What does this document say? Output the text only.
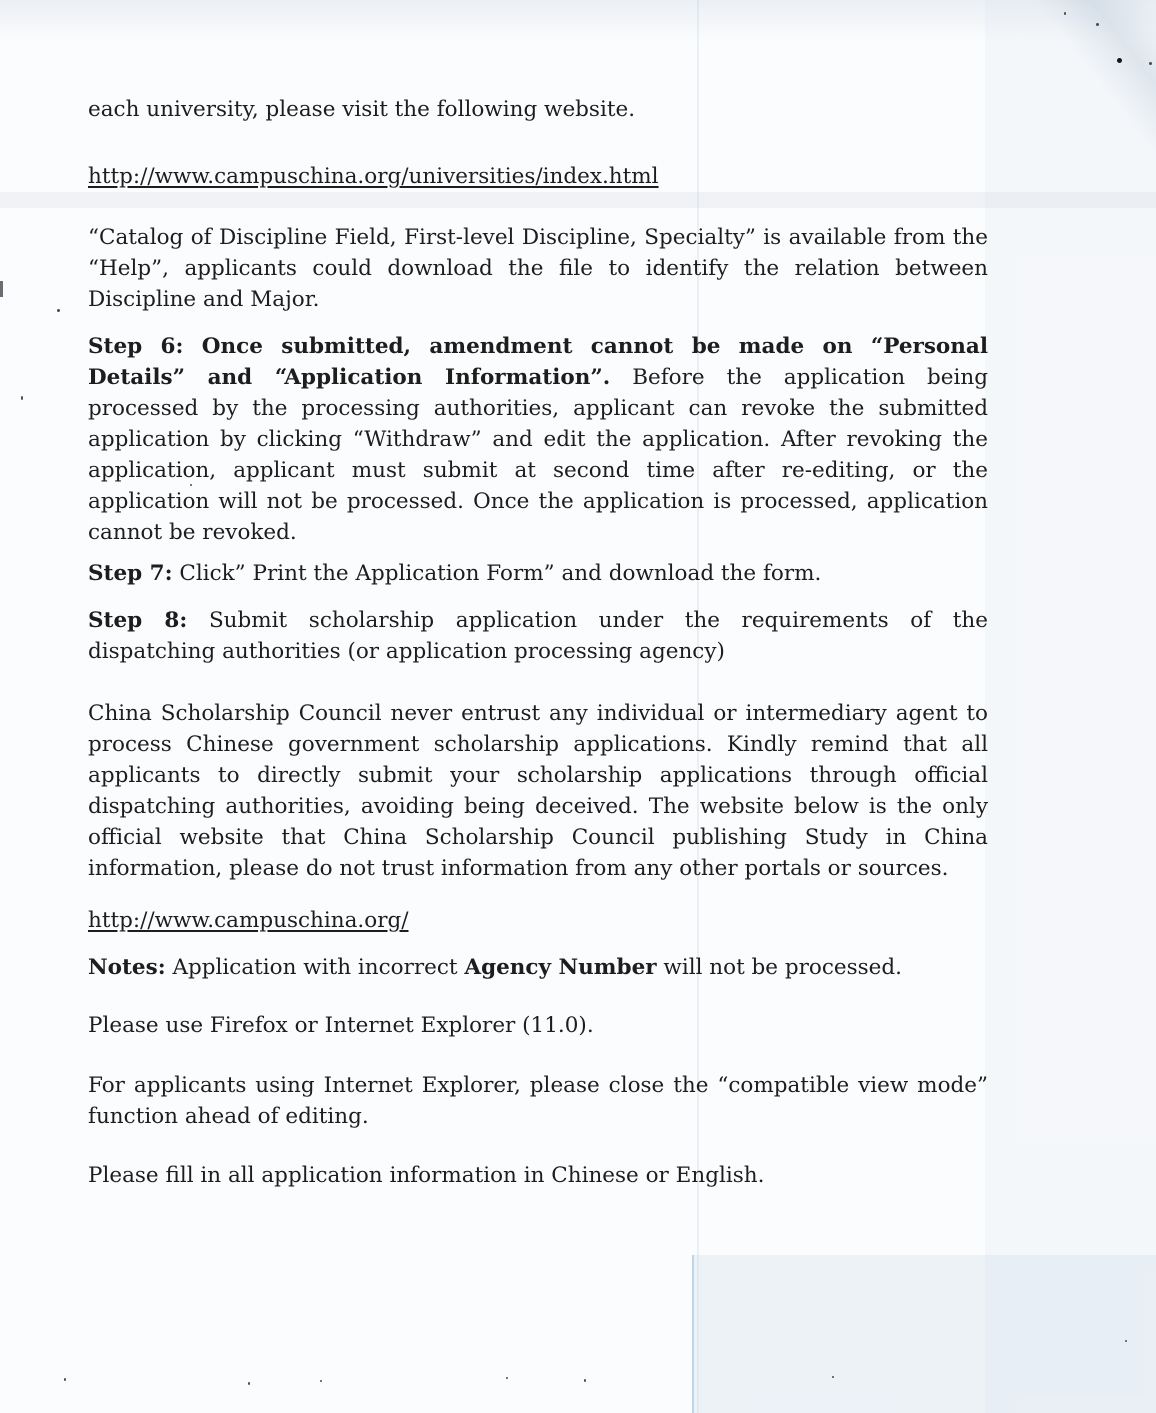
each university, please visit the following website.

http://www.campuschina.org/universities/index.html

“Catalog of Discipline Field, First-level Discipline, Specialty” is available from the “Help”, applicants could download the file to identify the relation between Discipline and Major.

Step 6: Once submitted, amendment cannot be made on “Personal Details” and “Application Information”. Before the application being processed by the processing authorities, applicant can revoke the submitted application by clicking “Withdraw” and edit the application. After revoking the application, applicant must submit at second time after re-editing, or the application will not be processed. Once the application is processed, application cannot be revoked.

Step 7: Click” Print the Application Form” and download the form.

Step 8: Submit scholarship application under the requirements of the dispatching authorities (or application processing agency)

China Scholarship Council never entrust any individual or intermediary agent to process Chinese government scholarship applications. Kindly remind that all applicants to directly submit your scholarship applications through official dispatching authorities, avoiding being deceived. The website below is the only official website that China Scholarship Council publishing Study in China information, please do not trust information from any other portals or sources.

http://www.campuschina.org/

Notes: Application with incorrect Agency Number will not be processed.

Please use Firefox or Internet Explorer (11.0).

For applicants using Internet Explorer, please close the “compatible view mode” function ahead of editing.

Please fill in all application information in Chinese or English.
